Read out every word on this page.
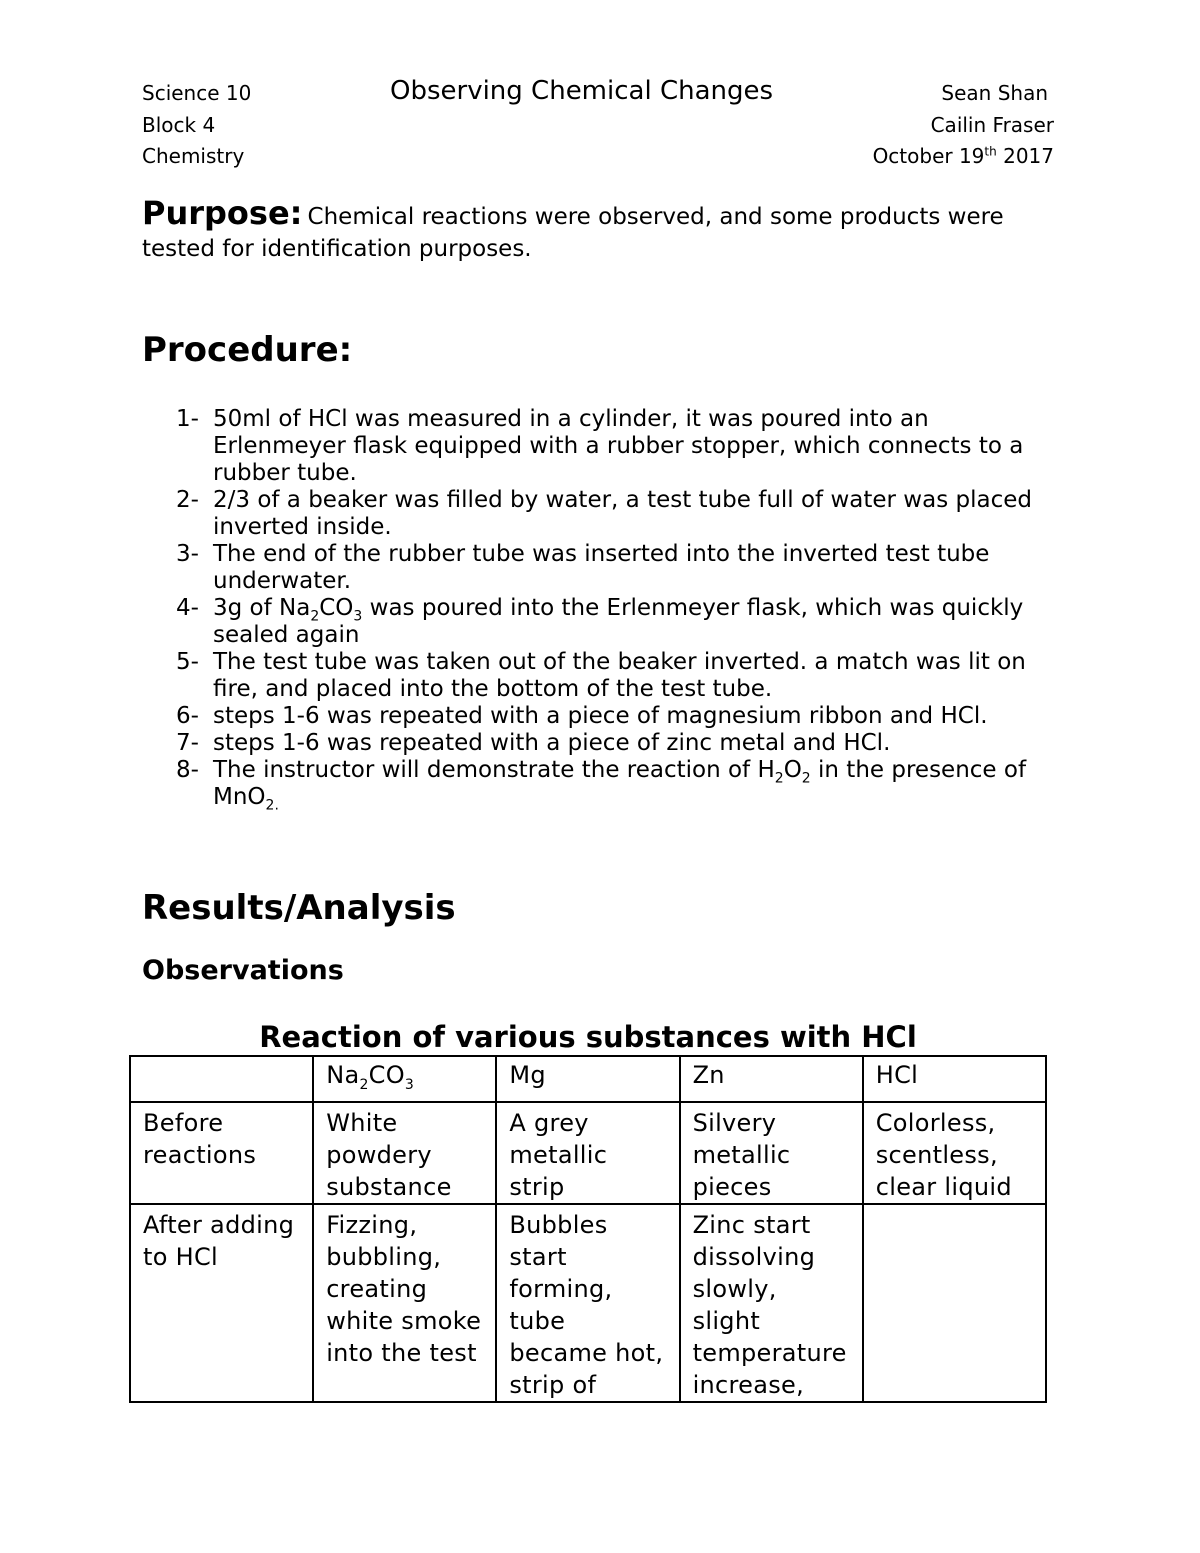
Science 10
Block 4
Chemistry
Observing Chemical Changes	Sean Shan
Cailin Fraser
October 19th 2017
Purpose: Chemical reactions were observed, and some products were tested for identification purposes.
Procedure:
1- 50ml of HCl was measured in a cylinder, it was poured into an Erlenmeyer flask equipped with a rubber stopper, which connects to a rubber tube.
2- 2/3 of a beaker was filled by water, a test tube full of water was placed inverted inside.
3- The end of the rubber tube was inserted into the inverted test tube underwater.
4- 3g of $Na_2CO_3$ was poured into the Erlenmeyer flask, which was quickly sealed again
5- The test tube was taken out of the beaker inverted. a match was lit on fire, and placed into the bottom of the test tube.
6- steps 1-6 was repeated with a piece of magnesium ribbon and HCl.
7- steps 1-6 was repeated with a piece of zinc metal and HCl.
8- The instructor will demonstrate the reaction of $H_2O_2$ in the presence of MnO$_{2.}$
Results/Analysis
Observations
Reaction of various substances with HCl
	$Na_2CO_3$	Mg	Zn	HCl
Before reactions	White powdery substance	A grey metallic strip	Silvery metallic pieces	Colorless, scentless, clear liquid
After adding to HCl	Fizzing, bubbling, creating white smoke into the test	Bubbles start forming, tube became hot, strip of	Zinc start dissolving slowly, slight temperature increase,	
